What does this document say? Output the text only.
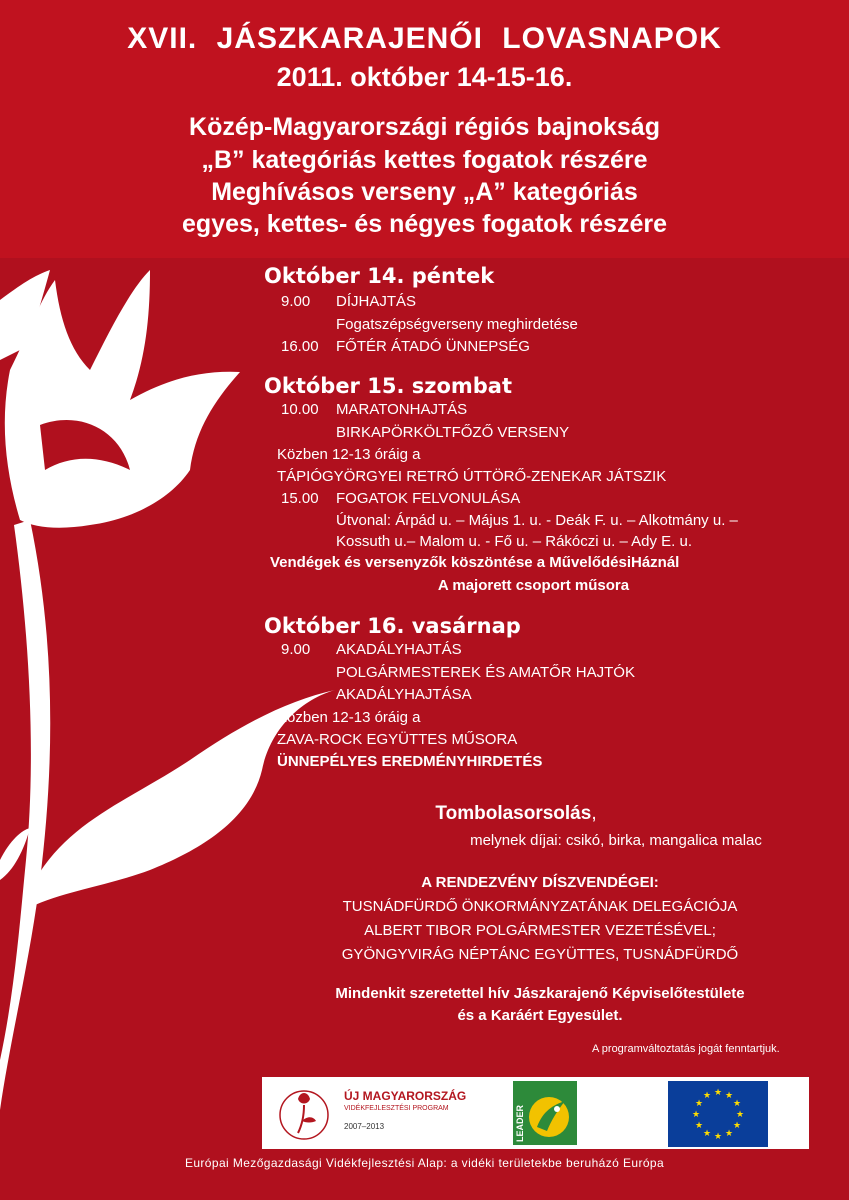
XVII. JÁSZKARAJENŐI LOVASNAPOK
2011. október 14-15-16.
Közép-Magyarországi régiós bajnokság
„B” kategóriás kettes fogatok részére
Meghívásos verseny „A” kategóriás
egyes, kettes- és négyes fogatok részére
Október 14. péntek
9.00 DÍJHAJTÁS
Fogatszépségverseny meghirdetése
16.00 FŐTÉR ÁTADÓ ÜNNEPSÉG
Október 15. szombat
10.00 MARATONHAJTÁS
BIRKAPÖRKÖLTFŐZŐ VERSENY
Közben 12-13 óráig a
TÁPIÓGYÖRGYEI RETRÓ ÚTTÖRŐ-ZENEKAR JÁTSZIK
15.00 FOGATOK FELVONULÁSA
Útvonal: Árpád u. – Május 1. u. - Deák F. u. – Alkotmány u. –
Kossuth u.– Malom u. - Fő u. – Rákóczi u. – Ady E. u.
Vendégek és versenyzők köszöntése a MűvelődésiHáznál
A majorett csoport műsora
Október 16. vasárnap
9.00 AKADÁLYHAJTÁS
POLGÁRMESTEREK ÉS AMATŐR HAJTÓK
AKADÁLYHAJTÁSA
Közben 12-13 óráig a
ZAVA-ROCK EGYÜTTES MŰSORA
ÜNNEPÉLYES EREDMÉNYHIRDETÉS
Tombolasorsolás,
melynek díjai: csikó, birka, mangalica malac
A RENDEZVÉNY DÍSZVENDÉGEI:
TUSNÁDFÜRDŐ ÖNKORMÁNYZATÁNAK DELEGÁCIÓJA
ALBERT TIBOR POLGÁRMESTER VEZETÉSÉVEL;
GYÖNGYVIRÁG NÉPTÁNC EGYÜTTES, TUSNÁDFÜRDŐ
Mindenkit szeretettel hív Jászkarajenő Képviselőtestülete
és a Karáért Egyesület.
A programváltoztatás jogát fenntartjuk.
ÚJ MAGYARORSZÁG
VIDÉKFEJLESZTÉSI PROGRAM
2007–2013	LEADER
★ ★
★
★
★
★
★
★
★
★
★
★
Európai Mezőgazdasági Vidékfejlesztési Alap: a vidéki területekbe beruházó Európa
